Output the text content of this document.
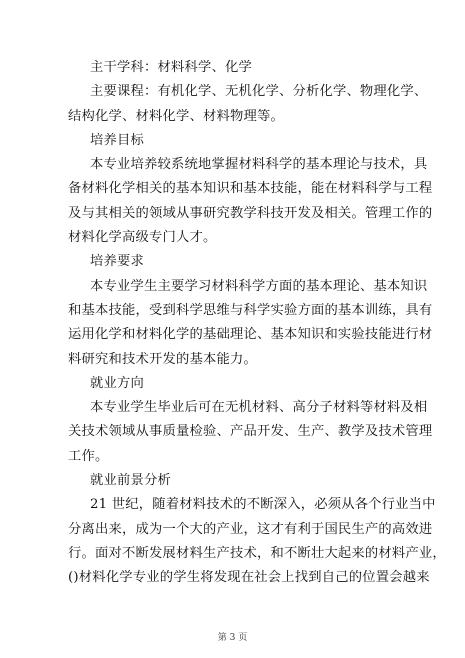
主干学科：材料科学、化学
主要课程：有机化学、无机化学、分析化学、物理化学、
结构化学、材料化学、材料物理等。
培养目标
本专业培养较系统地掌握材料科学的基本理论与技术，具
备材料化学相关的基本知识和基本技能，能在材料科学与工程
及与其相关的领域从事研究教学科技开发及相关。管理工作的
材料化学高级专门人才。
培养要求
本专业学生主要学习材料科学方面的基本理论、基本知识
和基本技能，受到科学思维与科学实验方面的基本训练，具有
运用化学和材料化学的基础理论、基本知识和实验技能进行材
料研究和技术开发的基本能力。
就业方向
本专业学生毕业后可在无机材料、高分子材料等材料及相
关技术领域从事质量检验、产品开发、生产、教学及技术管理
工作。
就业前景分析
21 世纪，随着材料技术的不断深入，必须从各个行业当中
分离出来，成为一个大的产业，这才有利于国民生产的高效进
行。面对不断发展材料生产技术，和不断壮大起来的材料产业，
()材料化学专业的学生将发现在社会上找到自己的位置会越来
第 3 页
